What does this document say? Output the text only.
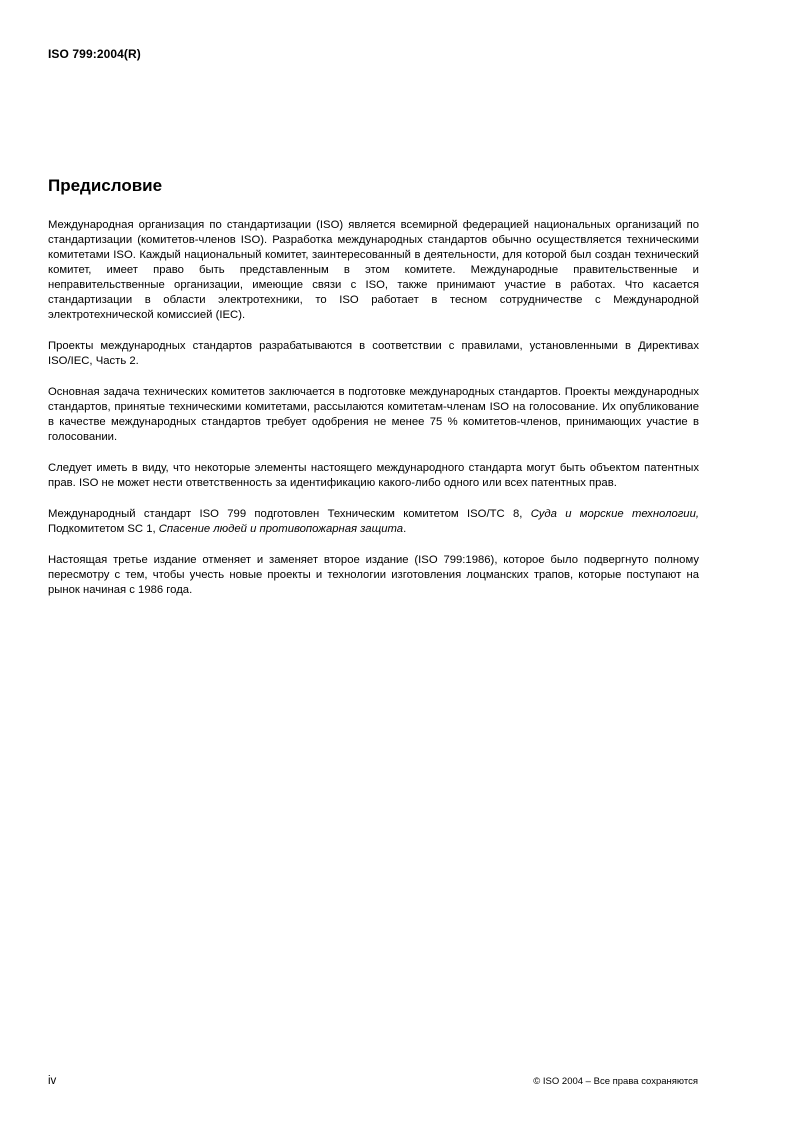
ISO 799:2004(R)
Предисловие

Международная организация по стандартизации (ISO) является всемирной федерацией национальных организаций по стандартизации (комитетов-членов ISO). Разработка международных стандартов обычно осуществляется техническими комитетами ISO. Каждый национальный комитет, заинтересованный в деятельности, для которой был создан технический комитет, имеет право быть представленным в этом комитете. Международные правительственные и неправительственные организации, имеющие связи с ISO, также принимают участие в работах. Что касается стандартизации в области электротехники, то ISO работает в тесном сотрудничестве с Международной электротехнической комиссией (IEC).

Проекты международных стандартов разрабатываются в соответствии с правилами, установленными в Директивах ISO/IEC, Часть 2.

Основная задача технических комитетов заключается в подготовке международных стандартов. Проекты международных стандартов, принятые техническими комитетами, рассылаются комитетам-членам ISO на голосование. Их опубликование в качестве международных стандартов требует одобрения не менее 75 % комитетов-членов, принимающих участие в голосовании.

Следует иметь в виду, что некоторые элементы настоящего международного стандарта могут быть объектом патентных прав. ISO не может нести ответственность за идентификацию какого-либо одного или всех патентных прав.

Международный стандарт ISO 799 подготовлен Техническим комитетом ISO/TC 8, Суда и морские технологии, Подкомитетом SC 1, Спасение людей и противопожарная защита.

Настоящая третье издание отменяет и заменяет второе издание (ISO 799:1986), которое было подвергнуто полному пересмотру с тем, чтобы учесть новые проекты и технологии изготовления лоцманских трапов, которые поступают на рынок начиная с 1986 года.

iv	© ISO 2004 – Все права сохраняются
